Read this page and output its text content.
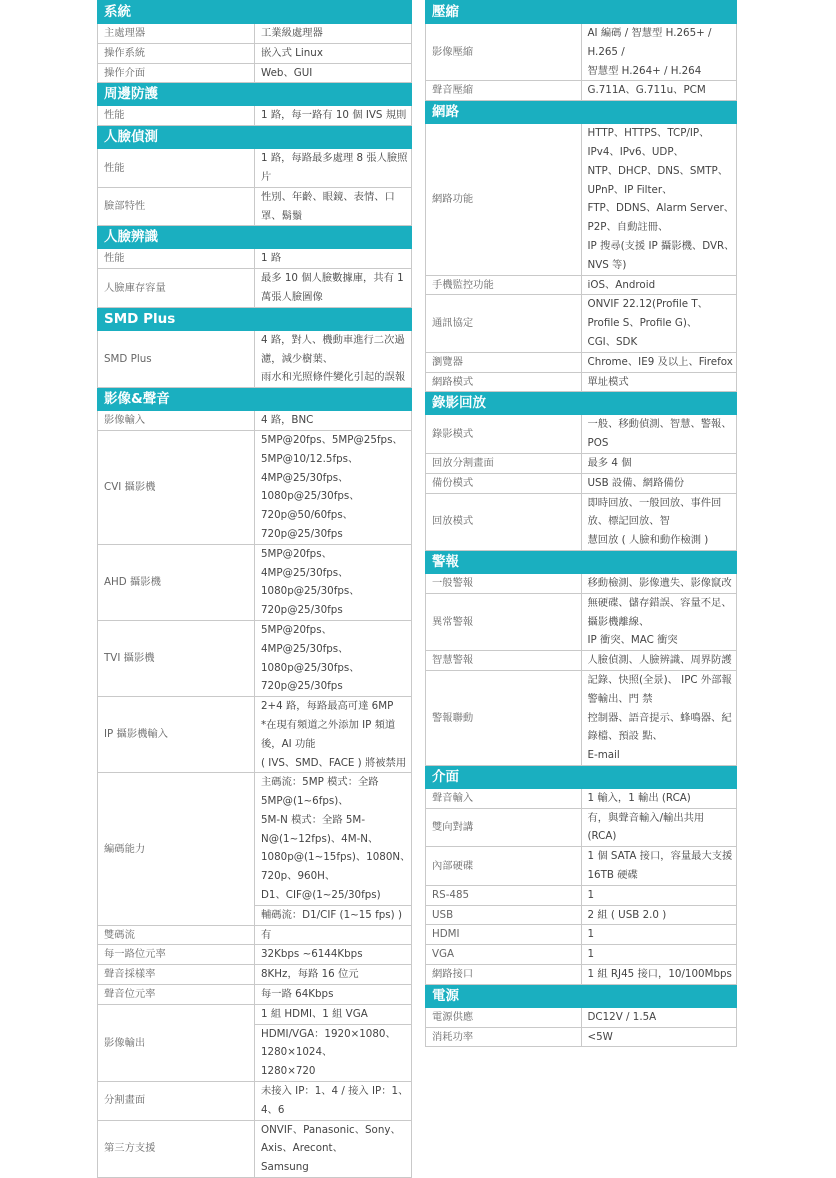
系統	
主處理器	工業級處理器

操作系統	嵌入式 Linux

操作介面	Web、GUI

周邊防護	
性能	1 路，每一路有 10 個 IVS 規則

人臉偵測	
性能	1 路，每路最多處理 8 張人臉照片

臉部特性	性別、年齡、眼鏡、表情、口罩、鬍鬚

人臉辨識	
性能	1 路

人臉庫存容量	最多 10 個人臉數據庫，共有 1 萬張人臉圖像

SMD Plus	
SMD Plus	4 路，對人、機動車進行二次過濾，減少樹葉、
雨水和光照條件變化引起的誤報

影像&聲音	
影像輸入	4 路，BNC

CVI 攝影機	5MP@20fps、5MP@25fps、
5MP@10/12.5fps、4MP@25/30fps、
1080p@25/30fps、720p@50/60fps、
720p@25/30fps

AHD 攝影機	5MP@20fps、4MP@25/30fps、
1080p@25/30fps、720p@25/30fps

TVI 攝影機	5MP@20fps、4MP@25/30fps、
1080p@25/30fps、720p@25/30fps

IP 攝影機輸入	2+4 路，每路最高可達 6MP
*在現有頻道之外添加 IP 頻道後，AI 功能
( IVS、SMD、FACE ) 將被禁用

編碼能力	主碼流：5MP 模式：全路 5MP@(1~6fps)、
5M-N 模式：全路 5M-N@(1~12fps)、4M-N、
1080p@(1~15fps)、1080N、720p、960H、
D1、CIF@(1~25/30fps)

	輔碼流：D1/CIF (1~15 fps) )

雙碼流	有

每一路位元率	32Kbps ~6144Kbps

聲音採樣率	8KHz，每路 16 位元

聲音位元率	每一路 64Kbps

影像輸出	1 組 HDMI、1 組 VGA

	HDMI/VGA：1920×1080、1280×1024、
1280×720

分割畫面	未接入 IP：1、4 / 接入 IP：1、4、6

第三方支援	ONVIF、Panasonic、Sony、Axis、Arecont、
Samsung
壓縮	
影像壓縮	AI 編碼 / 智慧型 H.265+ / H.265 /
智慧型 H.264+ / H.264

聲音壓縮	G.711A、G.711u、PCM

網路	
網路功能	HTTP、HTTPS、TCP/IP、IPv4、IPv6、UDP、
NTP、DHCP、DNS、SMTP、UPnP、IP Filter、
FTP、DDNS、Alarm Server、P2P、自動註冊、
IP 搜尋(支援 IP 攝影機、DVR、NVS 等)

手機監控功能	iOS、Android

通訊協定	ONVIF 22.12(Profile T、Profile S、Profile G)、
CGI、SDK

瀏覽器	Chrome、IE9 及以上、Firefox

網路模式	單址模式

錄影回放	
錄影模式	一般、移動偵測、智慧、警報、POS

回放分割畫面	最多 4 個

備份模式	USB 設備、網路備份

回放模式	即時回放、一般回放、事件回放、標記回放、智
慧回放 ( 人臉和動作檢測 )

警報	
一般警報	移動檢測、影像遺失、影像竄改

異常警報	無硬碟、儲存錯誤、容量不足、攝影機離線、
IP 衝突、MAC 衝突

智慧警報	人臉偵測、人臉辨識、周界防護

警報聯動	記錄、快照(全景)、 IPC 外部報警輸出、門 禁
控制器、語音提示、蜂鳴器、紀錄檔、預設 點、
E-mail

介面	
聲音輸入	1 輸入，1 輸出 (RCA)

雙向對講	有，與聲音輸入/輸出共用 (RCA)

內部硬碟	1 個 SATA 接口，容量最大支援 16TB 硬碟

RS-485	1

USB	2 組 ( USB 2.0 )

HDMI	1

VGA	1

網路接口	1 組 RJ45 接口，10/100Mbps

電源	
電源供應	DC12V / 1.5A

消耗功率	<5W
